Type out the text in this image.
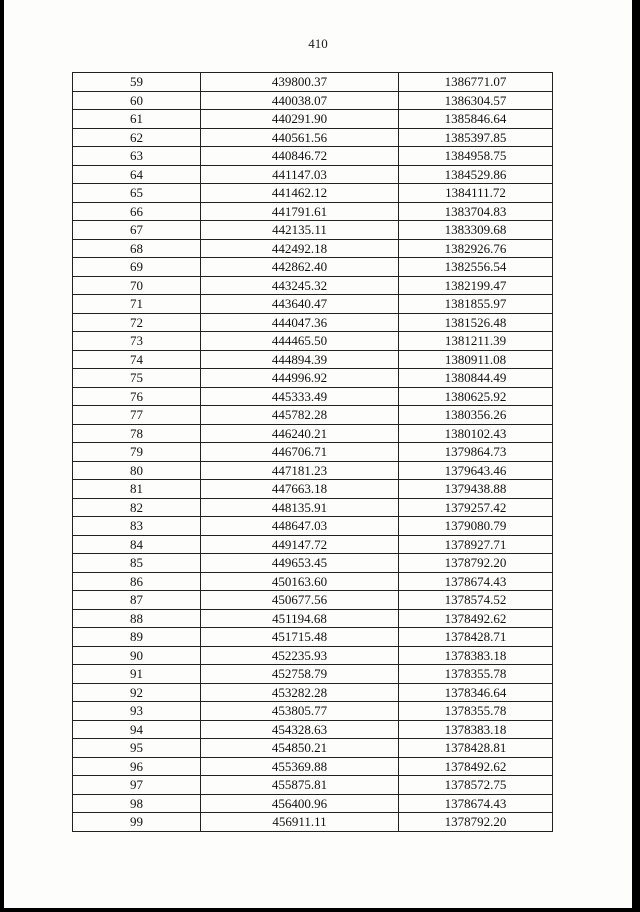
410
59	439800.37	1386771.07
60	440038.07	1386304.57
61	440291.90	1385846.64
62	440561.56	1385397.85
63	440846.72	1384958.75
64	441147.03	1384529.86
65	441462.12	1384111.72
66	441791.61	1383704.83
67	442135.11	1383309.68
68	442492.18	1382926.76
69	442862.40	1382556.54
70	443245.32	1382199.47
71	443640.47	1381855.97
72	444047.36	1381526.48
73	444465.50	1381211.39
74	444894.39	1380911.08
75	444996.92	1380844.49
76	445333.49	1380625.92
77	445782.28	1380356.26
78	446240.21	1380102.43
79	446706.71	1379864.73
80	447181.23	1379643.46
81	447663.18	1379438.88
82	448135.91	1379257.42
83	448647.03	1379080.79
84	449147.72	1378927.71
85	449653.45	1378792.20
86	450163.60	1378674.43
87	450677.56	1378574.52
88	451194.68	1378492.62
89	451715.48	1378428.71
90	452235.93	1378383.18
91	452758.79	1378355.78
92	453282.28	1378346.64
93	453805.77	1378355.78
94	454328.63	1378383.18
95	454850.21	1378428.81
96	455369.88	1378492.62
97	455875.81	1378572.75
98	456400.96	1378674.43
99	456911.11	1378792.20
